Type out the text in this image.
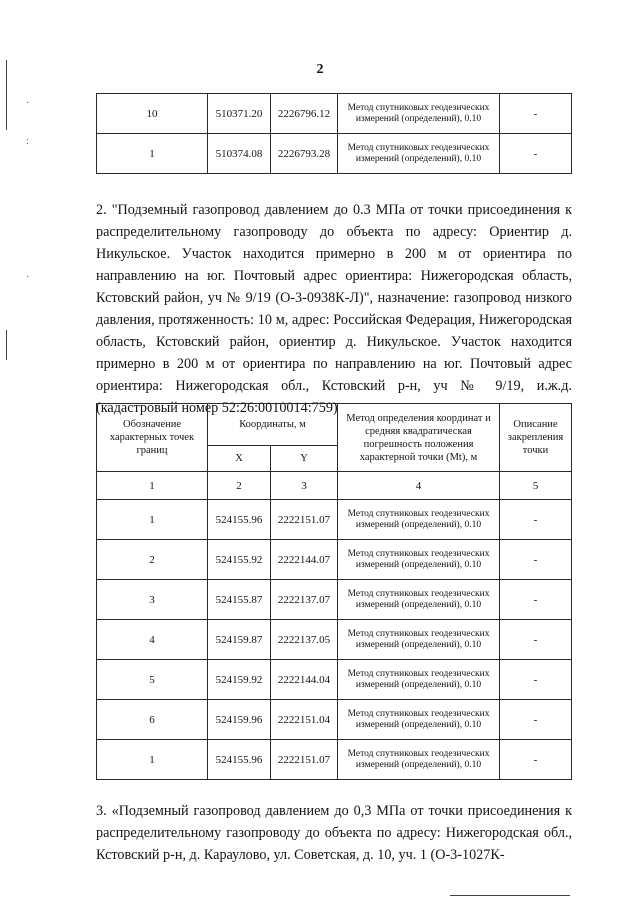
·
:
·
2
10	510371.20	2226796.12	Метод спутниковых геодезических измерений (определений), 0.10	-
1	510374.08	2226793.28	Метод спутниковых геодезических измерений (определений), 0.10	-

2. "Подземный газопровод давлением до 0.3 МПа от точки присоединения к распределительному газопроводу до объекта по адресу: Ориентир д. Никульское. Участок находится примерно в 200 м от ориентира по направлению на юг. Почтовый адрес ориентира: Нижегородская область, Кстовский район, уч № 9/19 (О-3-0938К-Л)", назначение: газопровод низкого давления, протяженность: 10 м, адрес: Российская Федерация, Нижегородская область, Кстовский район, ориентир д. Никульское. Участок находится примерно в 200 м от ориентира по направлению на юг. Почтовый адрес ориентира: Нижегородская обл., Кстовский р-н, уч № 9/19, и.ж.д. (кадастровый номер 52:26:0010014:759)

Обозначение характерных точек границ	Координаты, м		Метод определения координат и средняя квадратическая погрешность положения характерной точки (Mt), м	Описание закрепления точки
	X	Y		
1	2	3	4	5
1	524155.96	2222151.07	Метод спутниковых геодезических измерений (определений), 0.10	-
2	524155.92	2222144.07	Метод спутниковых геодезических измерений (определений), 0.10	-
3	524155.87	2222137.07	Метод спутниковых геодезических измерений (определений), 0.10	-
4	524159.87	2222137.05	Метод спутниковых геодезических измерений (определений), 0.10	-
5	524159.92	2222144.04	Метод спутниковых геодезических измерений (определений), 0.10	-
6	524159.96	2222151.04	Метод спутниковых геодезических измерений (определений), 0.10	-
1	524155.96	2222151.07	Метод спутниковых геодезических измерений (определений), 0.10	-

3. «Подземный газопровод давлением до 0,3 МПа от точки присоединения к распределительному газопроводу до объекта по адресу: Нижегородская обл., Кстовский р-н, д. Караулово, ул. Советская, д. 10, уч. 1 (О-3-1027К-
